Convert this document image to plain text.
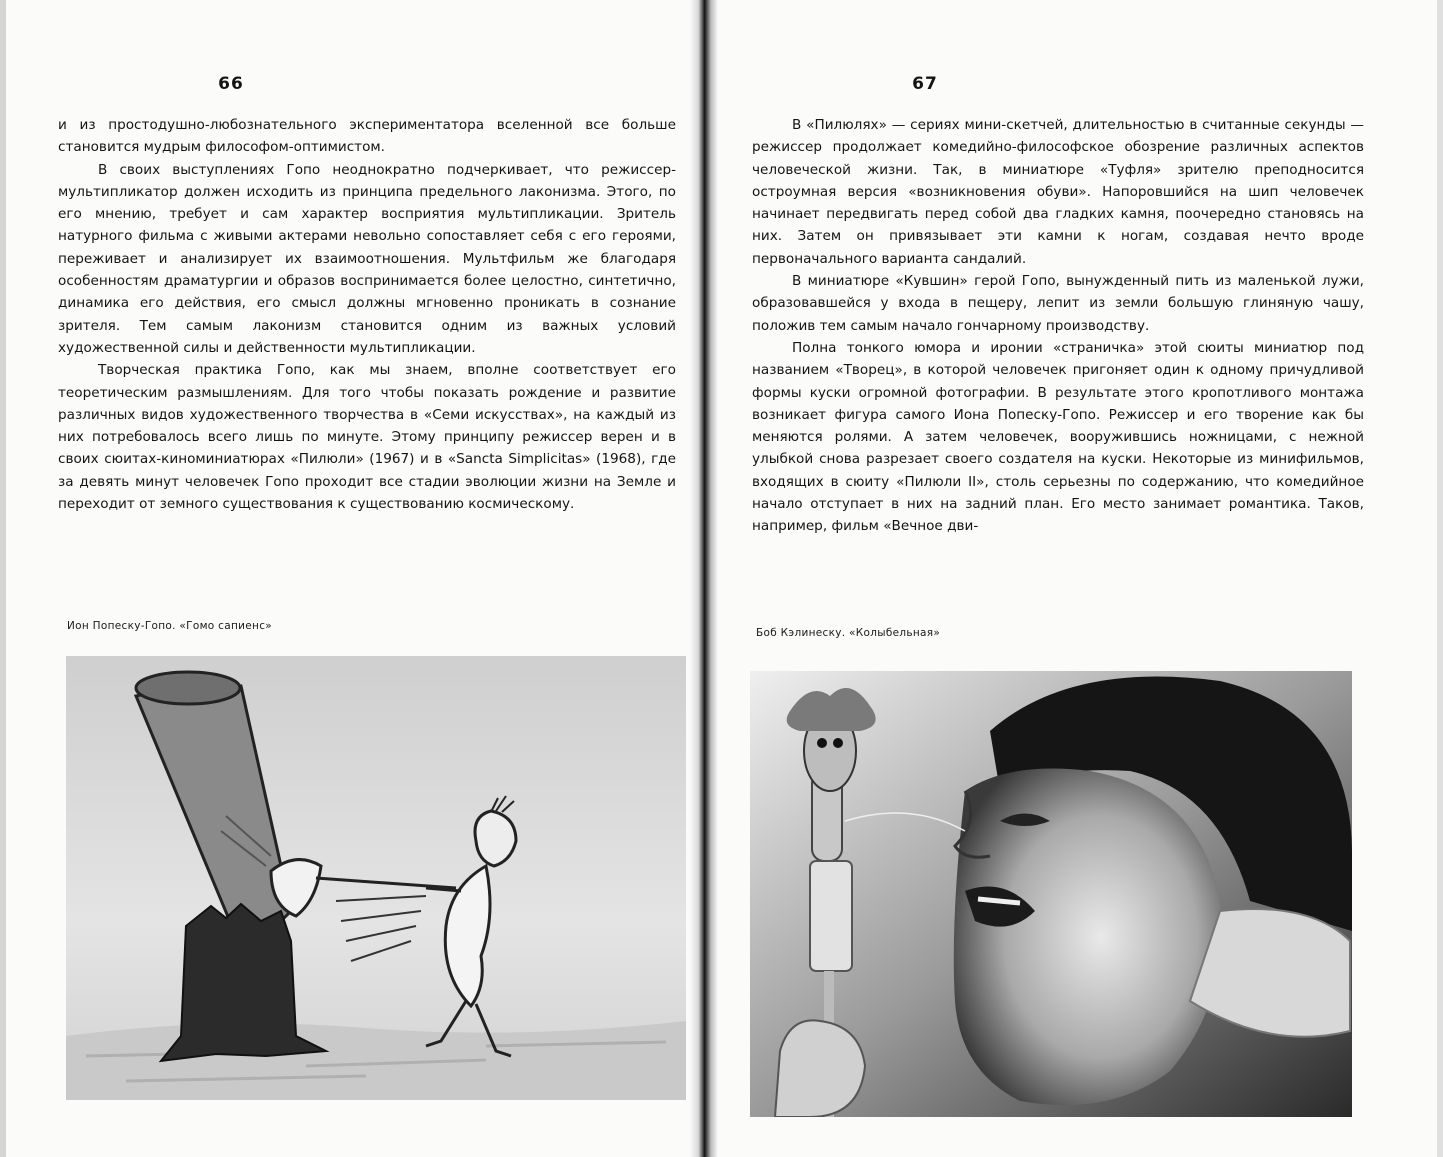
66

и из простодушно-любознательного экспериментатора вселенной все больше становится мудрым философом-оптимистом.

В своих выступлениях Гопо неоднократно подчеркивает, что режиссер-мультипликатор должен исходить из принципа предельного лаконизма. Этого, по его мнению, требует и сам характер восприятия мультипликации. Зритель натурного фильма с живыми актерами невольно сопоставляет себя с его героями, переживает и анализирует их взаимоотношения. Мультфильм же благодаря особенностям драматургии и образов воспринимается более целостно, синтетично, динамика его действия, его смысл должны мгновенно проникать в сознание зрителя. Тем самым лаконизм становится одним из важных условий художественной силы и действенности мультипликации.

Творческая практика Гопо, как мы знаем, вполне соответствует его теоретическим размышлениям. Для того чтобы показать рождение и развитие различных видов художественного творчества в «Семи искусствах», на каждый из них потребовалось всего лишь по минуте. Этому принципу режиссер верен и в своих сюитах-киноминиатюрах «Пилюли» (1967) и в «Sancta Simplicitas» (1968), где за девять минут человечек Гопо проходит все стадии эволюции жизни на Земле и переходит от земного существования к существованию космическому.

Ион Попеску-Гопо. «Гомо сапиенс»
67

В «Пилюлях» — сериях мини-скетчей, длительностью в считанные секунды — режиссер продолжает комедийно-философское обозрение различных аспектов человеческой жизни. Так, в миниатюре «Туфля» зрителю преподносится остроумная версия «возникновения обуви». Напоровшийся на шип человечек начинает передвигать перед собой два гладких камня, поочередно становясь на них. Затем он привязывает эти камни к ногам, создавая нечто вроде первоначального варианта сандалий.

В миниатюре «Кувшин» герой Гопо, вынужденный пить из маленькой лужи, образовавшейся у входа в пещеру, лепит из земли большую глиняную чашу, положив тем самым начало гончарному производству.

Полна тонкого юмора и иронии «страничка» этой сюиты миниатюр под названием «Творец», в которой человечек пригоняет один к одному причудливой формы куски огромной фотографии. В результате этого кропотливого монтажа возникает фигура самого Иона Попеску-Гопо. Режиссер и его творение как бы меняются ролями. А затем человечек, вооружившись ножницами, с нежной улыбкой снова разрезает своего создателя на куски. Некоторые из минифильмов, входящих в сюиту «Пилюли II», столь серьезны по содержанию, что комедийное начало отступает в них на задний план. Его место занимает романтика. Таков, например, фильм «Вечное дви-

Боб Кэлинеску. «Колыбельная»
